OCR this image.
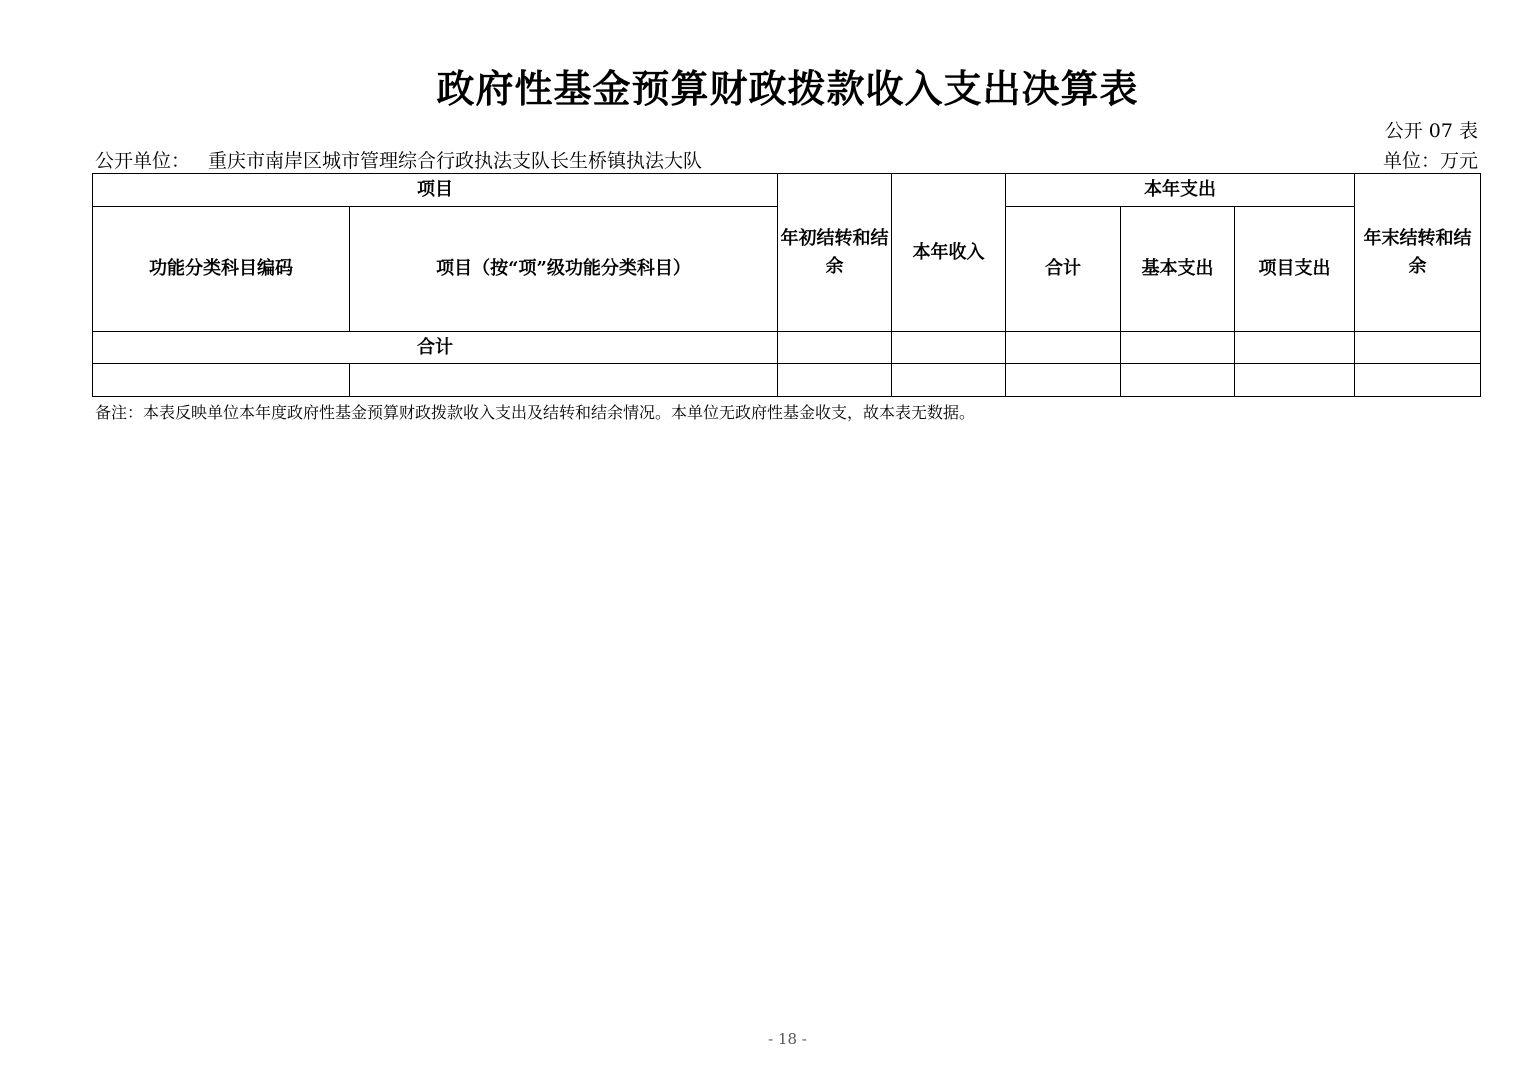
政府性基金预算财政拨款收入支出决算表
公开 07 表
公开单位： 重庆市南岸区城市管理综合行政执法支队长生桥镇执法大队	单位：万元
项目		年初结转和结余	本年收入	本年支出			年末结转和结余
功能分类科目编码	项目（按“项”级功能分类科目）			合计	基本支出	项目支出	
合计							

备注：本表反映单位本年度政府性基金预算财政拨款收入支出及结转和结余情况。本单位无政府性基金收支，故本表无数据。
- 18 -
